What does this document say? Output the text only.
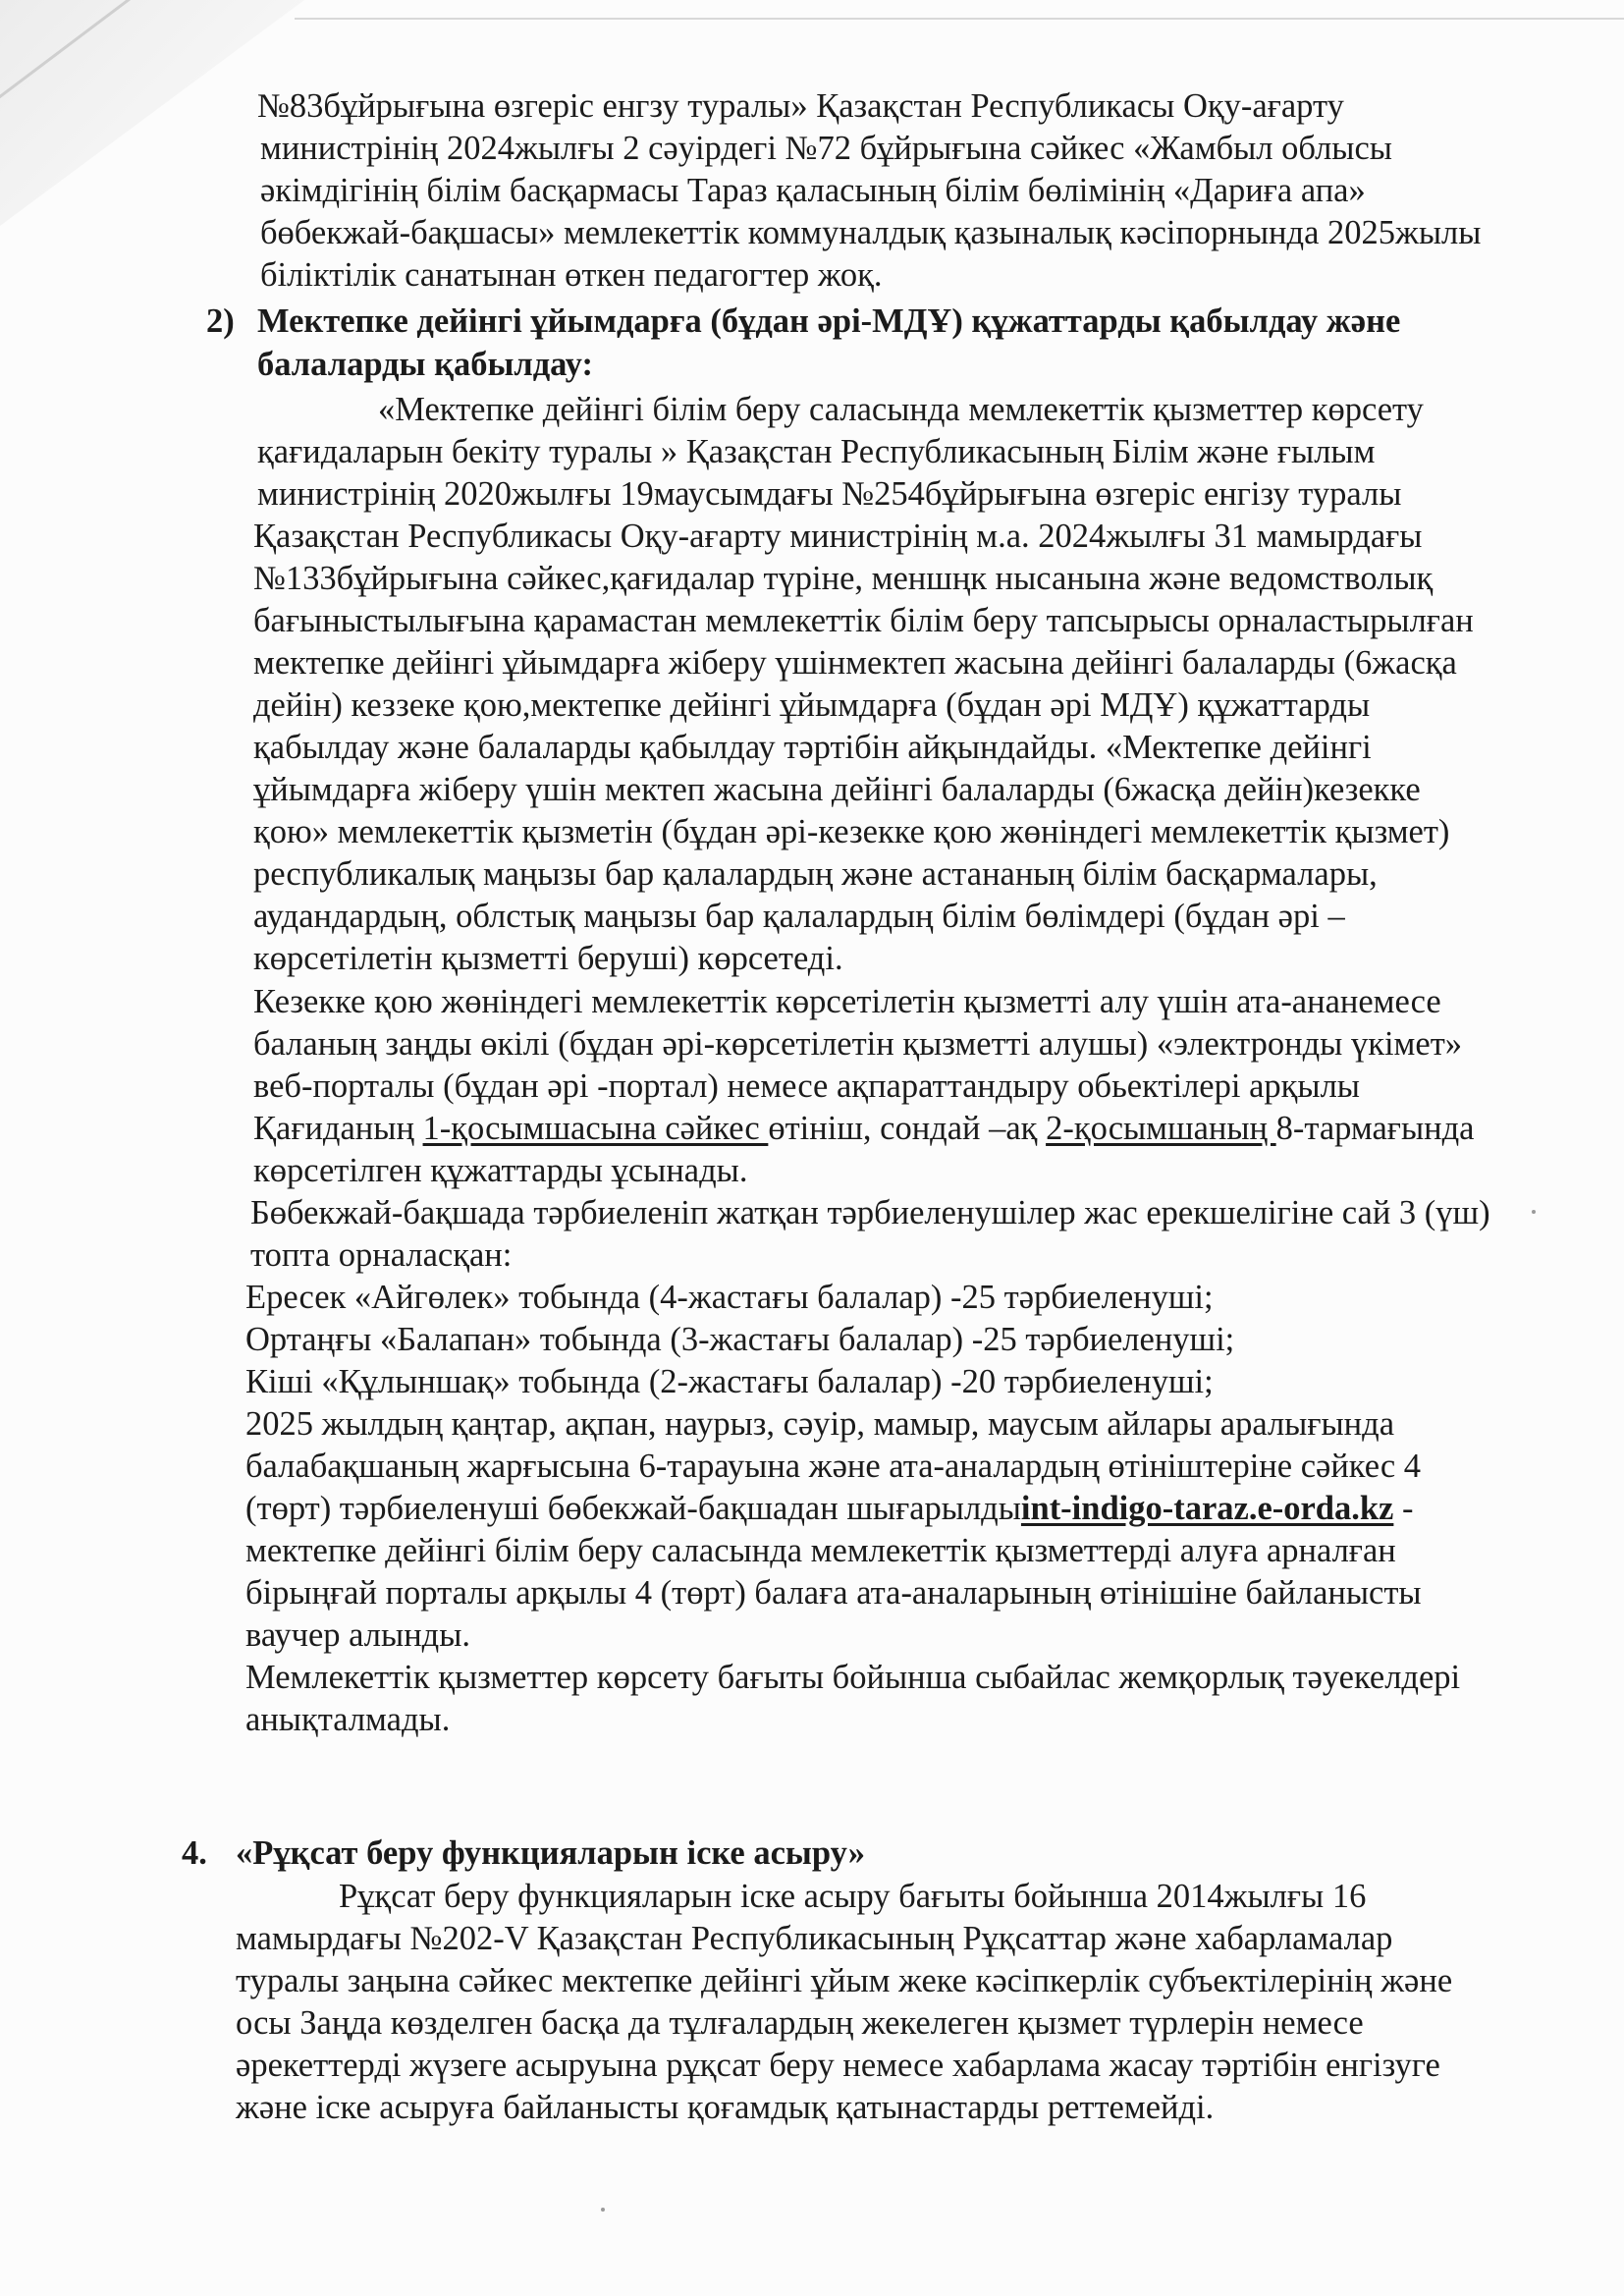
№83бұйрығына өзгеріс енгзу туралы» Қазақстан Республикасы Оқу-ағарту
министрінің 2024жылғы 2 сәуірдегі №72 бұйрығына сәйкес «Жамбыл облысы
әкімдігінің білім басқармасы Тараз қаласының білім бөлімінің «Дариға апа»
бөбекжай-бақшасы» мемлекеттік коммуналдық қазыналық кәсіпорнында 2025жылы
біліктілік санатынан өткен педагогтер жоқ.
2) Мектепке дейінгі ұйымдарға (бұдан әрі-МДҰ) құжаттарды қабылдау және
балаларды қабылдау:
«Мектепке дейінгі білім беру саласында мемлекеттік қызметтер көрсету
қағидаларын бекіту туралы » Қазақстан Республикасының Білім және ғылым
министрінің 2020жылғы 19маусымдағы №254бұйрығына өзгеріс енгізу туралы
Қазақстан Республикасы Оқу-ағарту министрінің м.а. 2024жылғы 31 мамырдағы
№133бұйрығына сәйкес,қағидалар түріне, меншңк нысанына және ведомстволық
бағыныстылығына қарамастан мемлекеттік білім беру тапсырысы орналастырылған
мектепке дейінгі ұйымдарға жіберу үшінмектеп жасына дейінгі балаларды (6жасқа
дейін) кеззеке қою,мектепке дейінгі ұйымдарға (бұдан әрі МДҰ) құжаттарды
қабылдау және балаларды қабылдау тәртібін айқындайды. «Мектепке дейінгі
ұйымдарға жіберу үшін мектеп жасына дейінгі балаларды (6жасқа дейін)кезекке
қою» мемлекеттік қызметін (бұдан әрі-кезекке қою жөніндегі мемлекеттік қызмет)
республикалық маңызы бар қалалардың және астананың білім басқармалары,
аудандардың, облстық маңызы бар қалалардың білім бөлімдері (бұдан әрі –
көрсетілетін қызметті беруші) көрсетеді.
Кезекке қою жөніндегі мемлекеттік көрсетілетін қызметті алу үшін ата-ананемесе
баланың заңды өкілі (бұдан әрі-көрсетілетін қызметті алушы) «электронды үкімет»
веб-порталы (бұдан әрі -портал) немесе ақпараттандыру обьектілері арқылы
Қағиданың 1-қосымшасына сәйкес өтініш, сондай –ақ 2-қосымшаның 8-тармағында
көрсетілген құжаттарды ұсынады.
Бөбекжай-бақшада тәрбиеленіп жатқан тәрбиеленушілер жас ерекшелігіне сай 3 (үш)
топта орналасқан:
Ересек «Айгөлек» тобында (4-жастағы балалар) -25 тәрбиеленуші;
Ортаңғы «Балапан» тобында (3-жастағы балалар) -25 тәрбиеленуші;
Кіші «Құлыншақ» тобында (2-жастағы балалар) -20 тәрбиеленуші;
2025 жылдың қаңтар, ақпан, наурыз, сәуір, мамыр, маусым айлары аралығында
балабақшаның жарғысына 6-тарауына және ата-аналардың өтініштеріне сәйкес 4
(төрт) тәрбиеленуші бөбекжай-бақшадан шығарылдыint-indigo-taraz.e-orda.kz -
мектепке дейінгі білім беру саласында мемлекеттік қызметтерді алуға арналған
бірыңғай порталы арқылы 4 (төрт) балаға ата-аналарының өтінішіне байланысты
ваучер алынды.
Мемлекеттік қызметтер көрсету бағыты бойынша сыбайлас жемқорлық тәуекелдері
анықталмады.
4. «Рұқсат беру функцияларын іске асыру»
Рұқсат беру функцияларын іске асыру бағыты бойынша 2014жылғы 16
мамырдағы №202-V Қазақстан Республикасының Рұқсаттар және хабарламалар
туралы заңына сәйкес мектепке дейінгі ұйым жеке кәсіпкерлік субъектілерінің және
осы Заңда көзделген басқа да тұлғалардың жекелеген қызмет түрлерін немесе
әрекеттерді жүзеге асыруына рұқсат беру немесе хабарлама жасау тәртібін енгізуге
және іске асыруға байланысты қоғамдық қатынастарды реттемейді.
